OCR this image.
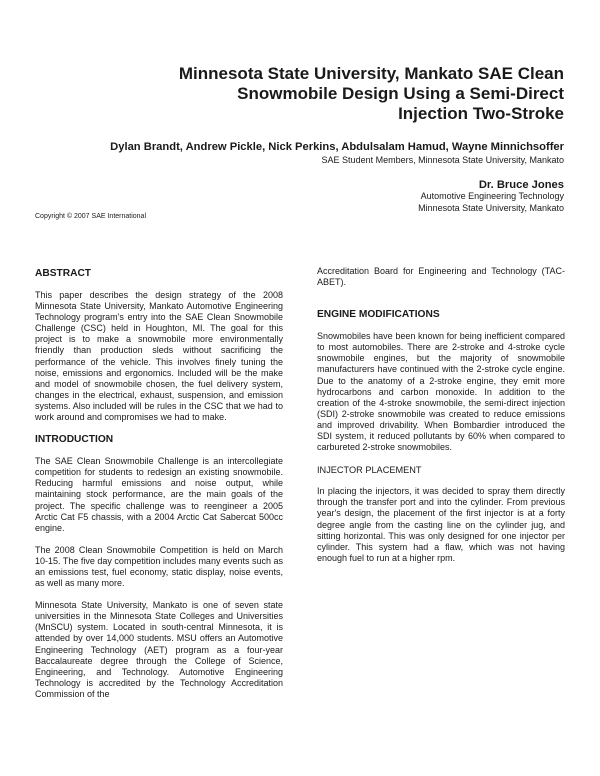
Minnesota State University, Mankato SAE Clean
Snowmobile Design Using a Semi-Direct
Injection Two-Stroke
Dylan Brandt, Andrew Pickle, Nick Perkins, Abdulsalam Hamud, Wayne Minnichsoffer
SAE Student Members, Minnesota State University, Mankato
Dr. Bruce Jones
Automotive Engineering Technology
Minnesota State University, Mankato
Copyright © 2007 SAE International
ABSTRACT

This paper describes the design strategy of the 2008 Minnesota State University, Mankato Automotive Engineering Technology program's entry into the SAE Clean Snowmobile Challenge (CSC) held in Houghton, MI. The goal for this project is to make a snowmobile more environmentally friendly than production sleds without sacrificing the performance of the vehicle. This involves finely tuning the noise, emissions and ergonomics. Included will be the make and model of snowmobile chosen, the fuel delivery system, changes in the electrical, exhaust, suspension, and emission systems. Also included will be rules in the CSC that we had to work around and compromises we had to make.

INTRODUCTION

The SAE Clean Snowmobile Challenge is an intercollegiate competition for students to redesign an existing snowmobile. Reducing harmful emissions and noise output, while maintaining stock performance, are the main goals of the project. The specific challenge was to reengineer a 2005 Arctic Cat F5 chassis, with a 2004 Arctic Cat Sabercat 500cc engine.

The 2008 Clean Snowmobile Competition is held on March 10-15. The five day competition includes many events such as an emissions test, fuel economy, static display, noise events, as well as many more.

Minnesota State University, Mankato is one of seven state universities in the Minnesota State Colleges and Universities (MnSCU) system. Located in south-central Minnesota, it is attended by over 14,000 students. MSU offers an Automotive Engineering Technology (AET) program as a four-year Baccalaureate degree through the College of Science, Engineering, and Technology. Automotive Engineering Technology is accredited by the Technology Accreditation Commission of the

Accreditation Board for Engineering and Technology (TAC-ABET).

ENGINE MODIFICATIONS

Snowmobiles have been known for being inefficient compared to most automobiles. There are 2-stroke and 4-stroke cycle snowmobile engines, but the majority of snowmobile manufacturers have continued with the 2-stroke cycle engine. Due to the anatomy of a 2-stroke engine, they emit more hydrocarbons and carbon monoxide. In addition to the creation of the 4-stroke snowmobile, the semi-direct injection (SDI) 2-stroke snowmobile was created to reduce emissions and improved drivability. When Bombardier introduced the SDI system, it reduced pollutants by 60% when compared to carbureted 2-stroke snowmobiles.

INJECTOR PLACEMENT

In placing the injectors, it was decided to spray them directly through the transfer port and into the cylinder. From previous year's design, the placement of the first injector is at a forty degree angle from the casting line on the cylinder jug, and sitting horizontal. This was only designed for one injector per cylinder. This system had a flaw, which was not having enough fuel to run at a higher rpm.
